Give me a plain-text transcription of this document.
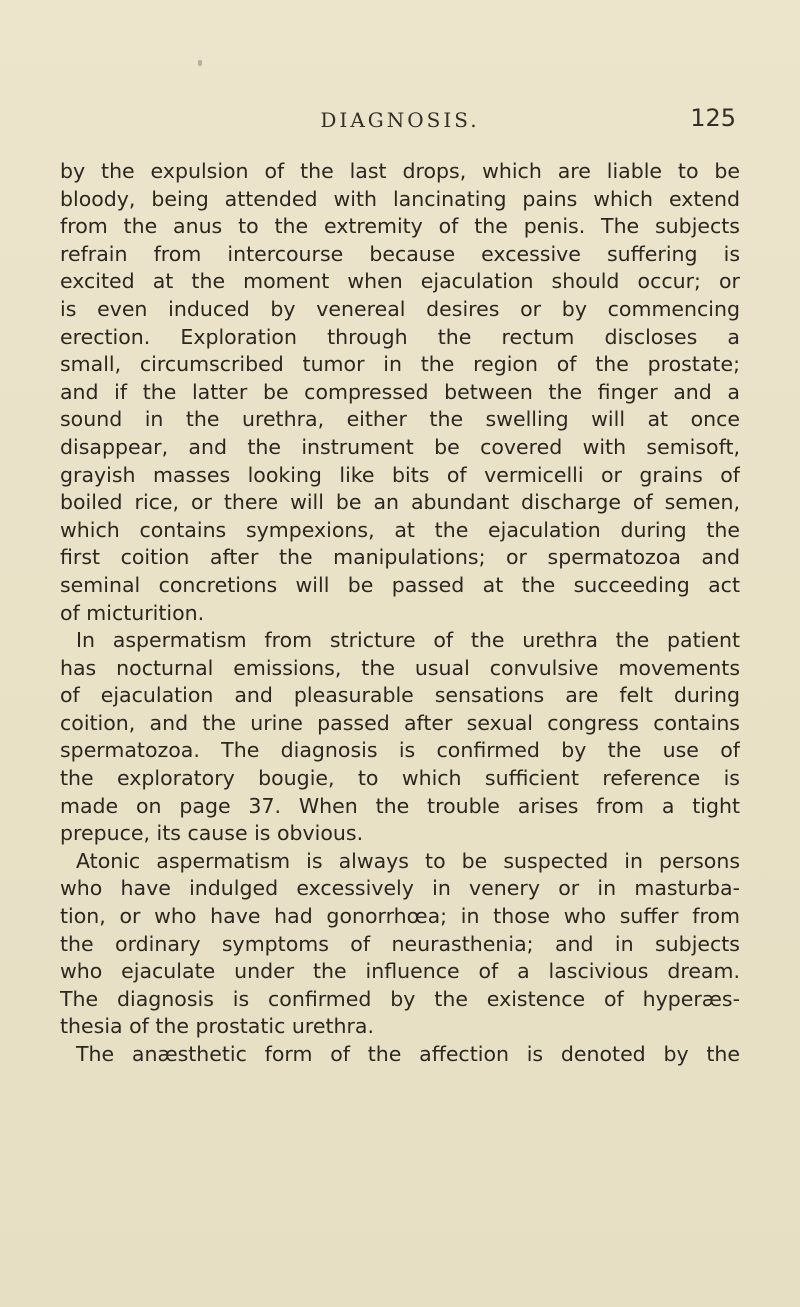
DIAGNOSIS.	125
by the expulsion of the last drops, which are liable to be
bloody, being attended with lancinating pains which extend
from the anus to the extremity of the penis. The subjects
refrain from intercourse because excessive suffering is
excited at the moment when ejaculation should occur; or
is even induced by venereal desires or by commencing
erection. Exploration through the rectum discloses a
small, circumscribed tumor in the region of the prostate;
and if the latter be compressed between the finger and a
sound in the urethra, either the swelling will at once
disappear, and the instrument be covered with semisoft,
grayish masses looking like bits of vermicelli or grains of
boiled rice, or there will be an abundant discharge of semen,
which contains sympexions, at the ejaculation during the
first coition after the manipulations; or spermatozoa and
seminal concretions will be passed at the succeeding act
of micturition.
In aspermatism from stricture of the urethra the patient
has nocturnal emissions, the usual convulsive movements
of ejaculation and pleasurable sensations are felt during
coition, and the urine passed after sexual congress contains
spermatozoa. The diagnosis is confirmed by the use of
the exploratory bougie, to which sufficient reference is
made on page 37. When the trouble arises from a tight
prepuce, its cause is obvious.
Atonic aspermatism is always to be suspected in persons
who have indulged excessively in venery or in masturba-
tion, or who have had gonorrhœa; in those who suffer from
the ordinary symptoms of neurasthenia; and in subjects
who ejaculate under the influence of a lascivious dream.
The diagnosis is confirmed by the existence of hyperæs-
thesia of the prostatic urethra.
The anæsthetic form of the affection is denoted by the
